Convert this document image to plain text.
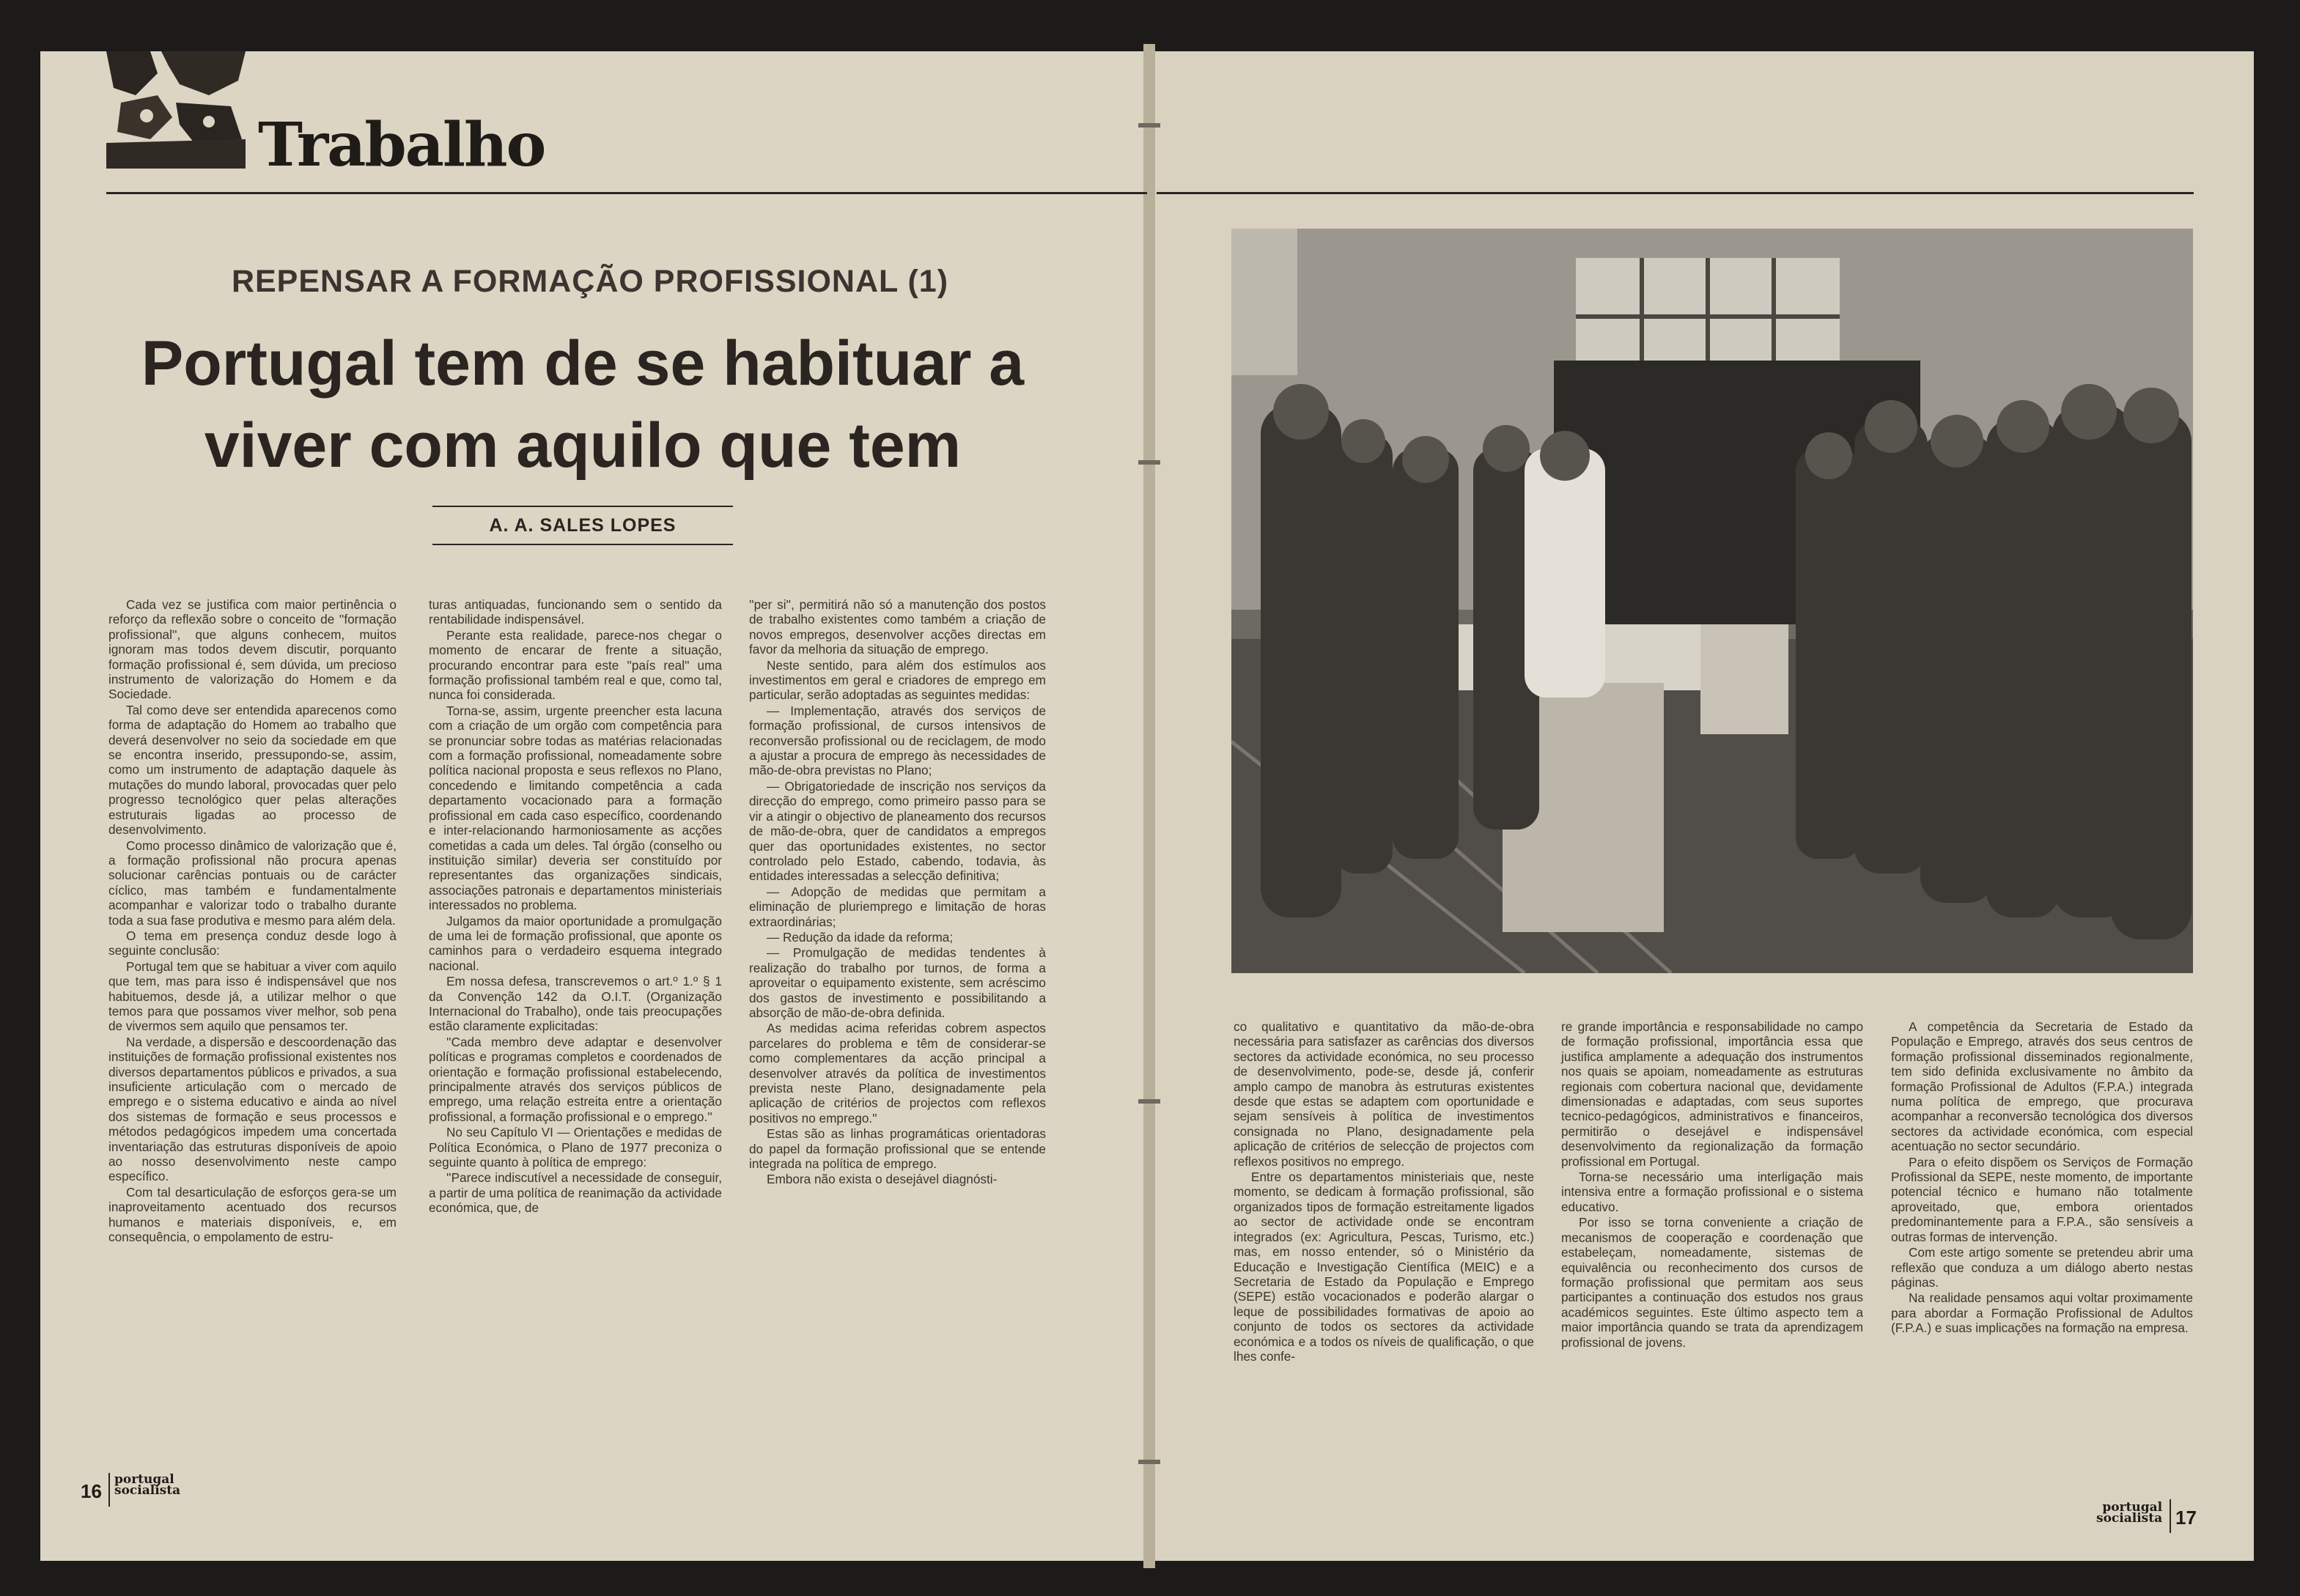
Trabalho
REPENSAR A FORMAÇÃO PROFISSIONAL (1)
Portugal tem de se habituar a viver com aquilo que tem
A. A. SALES LOPES

Cada vez se justifica com maior pertinência o reforço da reflexão sobre o conceito de ''formação profissional'', que alguns conhecem, muitos ignoram mas todos devem discutir, porquanto formação profissional é, sem dúvida, um precioso instrumento de valorização do Homem e da Sociedade.

Tal como deve ser entendida aparecenos como forma de adaptação do Homem ao trabalho que deverá desenvolver no seio da sociedade em que se encontra inserido, pressupondo-se, assim, como um instrumento de adaptação daquele às mutações do mundo laboral, provocadas quer pelo progresso tecnológico quer pelas alterações estruturais ligadas ao processo de desenvolvimento.

Como processo dinâmico de valorização que é, a formação profissional não procura apenas solucionar carências pontuais ou de carácter cíclico, mas também e fundamentalmente acompanhar e valorizar todo o trabalho durante toda a sua fase produtiva e mesmo para além dela.

O tema em presença conduz desde logo à seguinte conclusão:

Portugal tem que se habituar a viver com aquilo que tem, mas para isso é indispensável que nos habituemos, desde já, a utilizar melhor o que temos para que possamos viver melhor, sob pena de vivermos sem aquilo que pensamos ter.

Na verdade, a dispersão e descoordenação das instituições de formação profissional existentes nos diversos departamentos públicos e privados, a sua insuficiente articulação com o mercado de emprego e o sistema educativo e ainda ao nível dos sistemas de formação e seus processos e métodos pedagógicos impedem uma concertada inventariação das estruturas disponíveis de apoio ao nosso desenvolvimento neste campo específico.

Com tal desarticulação de esforços gera-se um inaproveitamento acentuado dos recursos humanos e materiais disponíveis, e, em consequência, o empolamento de estru-

turas antiquadas, funcionando sem o sentido da rentabilidade indispensável.

Perante esta realidade, parece-nos chegar o momento de encarar de frente a situação, procurando encontrar para este ''país real'' uma formação profissional também real e que, como tal, nunca foi considerada.

Torna-se, assim, urgente preencher esta lacuna com a criação de um orgão com competência para se pronunciar sobre todas as matérias relacionadas com a formação profissional, nomeadamente sobre política nacional proposta e seus reflexos no Plano, concedendo e limitando competência a cada departamento vocacionado para a formação profissional em cada caso específico, coordenando e inter-relacionando harmoniosamente as acções cometidas a cada um deles. Tal órgão (conselho ou instituição similar) deveria ser constituído por representantes das organizações sindicais, associações patronais e departamentos ministeriais interessados no problema.

Julgamos da maior oportunidade a promulgação de uma lei de formação profissional, que aponte os caminhos para o verdadeiro esquema integrado nacional.

Em nossa defesa, transcrevemos o art.º 1.º § 1 da Convenção 142 da O.I.T. (Organização Internacional do Trabalho), onde tais preocupações estão claramente explicitadas:

''Cada membro deve adaptar e desenvolver políticas e programas completos e coordenados de orientação e formação profissional estabelecendo, principalmente através dos serviços públicos de emprego, uma relação estreita entre a orientação profissional, a formação profissional e o emprego.''

No seu Capítulo VI — Orientações e medidas de Política Económica, o Plano de 1977 preconiza o seguinte quanto à política de emprego:

''Parece indiscutível a necessidade de conseguir, a partir de uma política de reanimação da actividade económica, que, de

''per si'', permitirá não só a manutenção dos postos de trabalho existentes como também a criação de novos empregos, desenvolver acções directas em favor da melhoria da situação de emprego.

Neste sentido, para além dos estímulos aos investimentos em geral e criadores de emprego em particular, serão adoptadas as seguintes medidas:

— Implementação, através dos serviços de formação profissional, de cursos intensivos de reconversão profissional ou de reciclagem, de modo a ajustar a procura de emprego às necessidades de mão-de-obra previstas no Plano;

— Obrigatoriedade de inscrição nos serviços da direcção do emprego, como primeiro passo para se vir a atingir o objectivo de planeamento dos recursos de mão-de-obra, quer de candidatos a empregos quer das oportunidades existentes, no sector controlado pelo Estado, cabendo, todavia, às entidades interessadas a selecção definitiva;

— Adopção de medidas que permitam a eliminação de pluriemprego e limitação de horas extraordinárias;

— Redução da idade da reforma;

— Promulgação de medidas tendentes à realização do trabalho por turnos, de forma a aproveitar o equipamento existente, sem acréscimo dos gastos de investimento e possibilitando a absorção de mão-de-obra definida.

As medidas acima referidas cobrem aspectos parcelares do problema e têm de considerar-se como complementares da acção principal a desenvolver através da política de investimentos prevista neste Plano, designadamente pela aplicação de critérios de projectos com reflexos positivos no emprego.''

Estas são as linhas programáticas orientadoras do papel da formação profissional que se entende integrada na política de emprego.

Embora não exista o desejável diagnósti-

co qualitativo e quantitativo da mão-de-obra necessária para satisfazer as carências dos diversos sectores da actividade económica, no seu processo de desenvolvimento, pode-se, desde já, conferir amplo campo de manobra às estruturas existentes desde que estas se adaptem com oportunidade e sejam sensíveis à política de investimentos consignada no Plano, designadamente pela aplicação de critérios de selecção de projectos com reflexos positivos no emprego.

Entre os departamentos ministeriais que, neste momento, se dedicam à formação profissional, são organizados tipos de formação estreitamente ligados ao sector de actividade onde se encontram integrados (ex: Agricultura, Pescas, Turismo, etc.) mas, em nosso entender, só o Ministério da Educação e Investigação Científica (MEIC) e a Secretaria de Estado da População e Emprego (SEPE) estão vocacionados e poderão alargar o leque de possibilidades formativas de apoio ao conjunto de todos os sectores da actividade económica e a todos os níveis de qualificação, o que lhes confe-

re grande importância e responsabilidade no campo de formação profissional, importância essa que justifica amplamente a adequação dos instrumentos nos quais se apoiam, nomeadamente as estruturas regionais com cobertura nacional que, devidamente dimensionadas e adaptadas, com seus suportes tecnico-pedagógicos, administrativos e financeiros, permitirão o desejável e indispensável desenvolvimento da regionalização da formação profissional em Portugal.

Torna-se necessário uma interligação mais intensiva entre a formação profissional e o sistema educativo.

Por isso se torna conveniente a criação de mecanismos de cooperação e coordenação que estabeleçam, nomeadamente, sistemas de equivalência ou reconhecimento dos cursos de formação profissional que permitam aos seus participantes a continuação dos estudos nos graus académicos seguintes. Este último aspecto tem a maior importância quando se trata da aprendizagem profissional de jovens.

A competência da Secretaria de Estado da População e Emprego, através dos seus centros de formação profissional disseminados regionalmente, tem sido definida exclusivamente no âmbito da formação Profissional de Adultos (F.P.A.) integrada numa política de emprego, que procurava acompanhar a reconversão tecnológica dos diversos sectores da actividade económica, com especial acentuação no sector secundário.

Para o efeito dispõem os Serviços de Formação Profissional da SEPE, neste momento, de importante potencial técnico e humano não totalmente aproveitado, que, embora orientados predominantemente para a F.P.A., são sensíveis a outras formas de intervenção.

Com este artigo somente se pretendeu abrir uma reflexão que conduza a um diálogo aberto nestas páginas.

Na realidade pensamos aqui voltar proximamente para abordar a Formação Profissional de Adultos (F.P.A.) e suas implicações na formação na empresa.

16
portugal
socialista
portugal
socialista 17
